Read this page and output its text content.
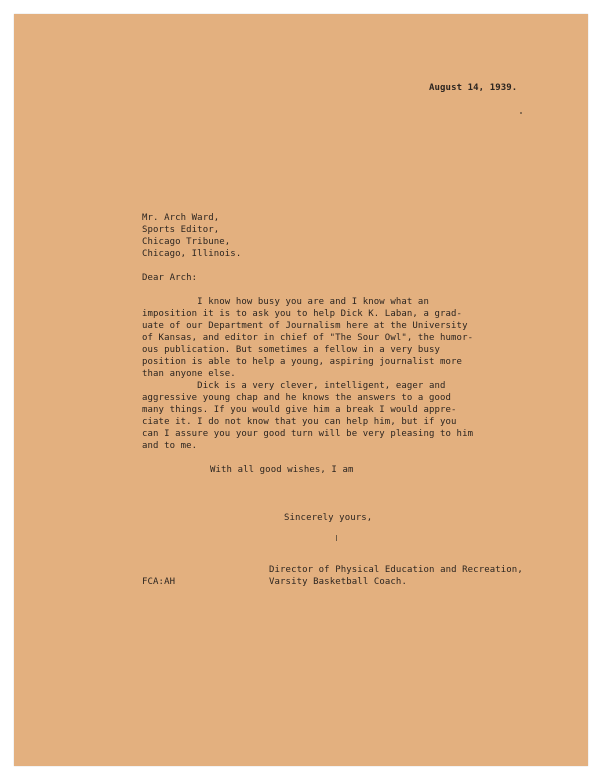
August 14, 1939.
Mr. Arch Ward,
Sports Editor,
Chicago Tribune,
Chicago, Illinois.
Dear Arch:
I know how busy you are and I know what an
imposition it is to ask you to help Dick K. Laban, a grad-
uate of our Department of Journalism here at the University
of Kansas, and editor in chief of "The Sour Owl", the humor-
ous publication. But sometimes a fellow in a very busy
position is able to help a young, aspiring journalist more
than anyone else.
Dick is a very clever, intelligent, eager and
aggressive young chap and he knows the answers to a good
many things. If you would give him a break I would appre-
ciate it. I do not know that you can help him, but if you
can I assure you your good turn will be very pleasing to him
and to me.
With all good wishes, I am
Sincerely yours,
Director of Physical Education and Recreation,
Varsity Basketball Coach.
FCA:AH
